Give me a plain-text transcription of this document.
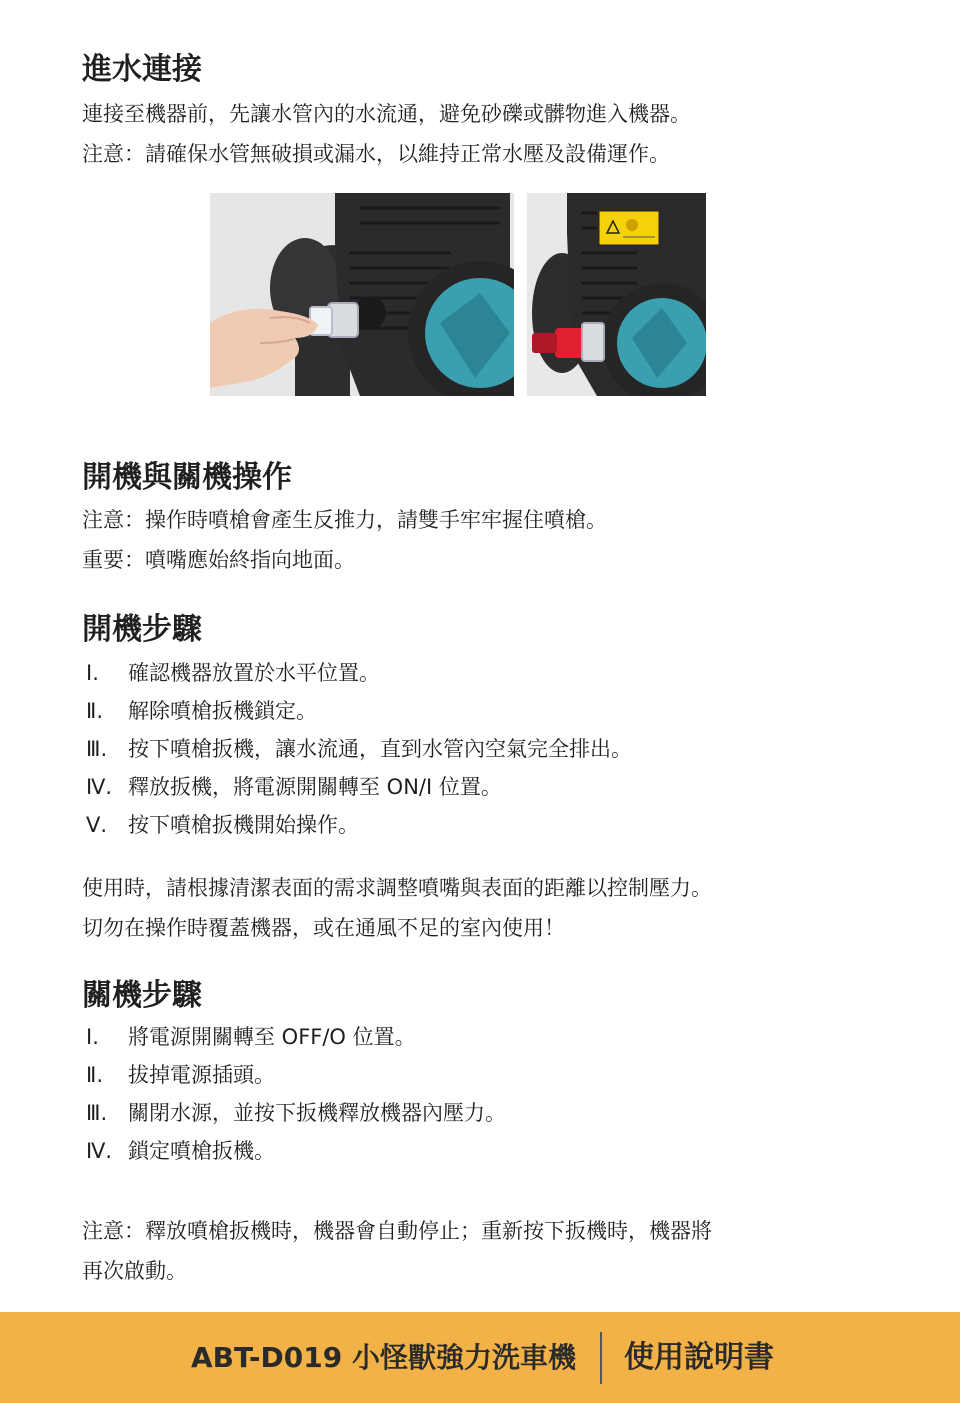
進水連接

連接至機器前，先讓水管內的水流通，避免砂礫或髒物進入機器。

注意：請確保水管無破損或漏水，以維持正常水壓及設備運作。

開機與關機操作

注意：操作時噴槍會產生反推力，請雙手牢牢握住噴槍。

重要：噴嘴應始終指向地面。

開機步驟
Ⅰ.	確認機器放置於水平位置。
Ⅱ.	解除噴槍扳機鎖定。
Ⅲ. 按下噴槍扳機，讓水流通，直到水管內空氣完全排出。
Ⅳ. 釋放扳機，將電源開關轉至 ON/I 位置。
Ⅴ. 按下噴槍扳機開始操作。

使用時，請根據清潔表面的需求調整噴嘴與表面的距離以控制壓力。

切勿在操作時覆蓋機器，或在通風不足的室內使用！

關機步驟
Ⅰ.	將電源開關轉至 OFF/O 位置。
Ⅱ.	拔掉電源插頭。
Ⅲ. 關閉水源，並按下扳機釋放機器內壓力。
Ⅳ. 鎖定噴槍扳機。

注意：釋放噴槍扳機時，機器會自動停止；重新按下扳機時，機器將

再次啟動。

ABT-D019 小怪獸強力洗車機 使用說明書
